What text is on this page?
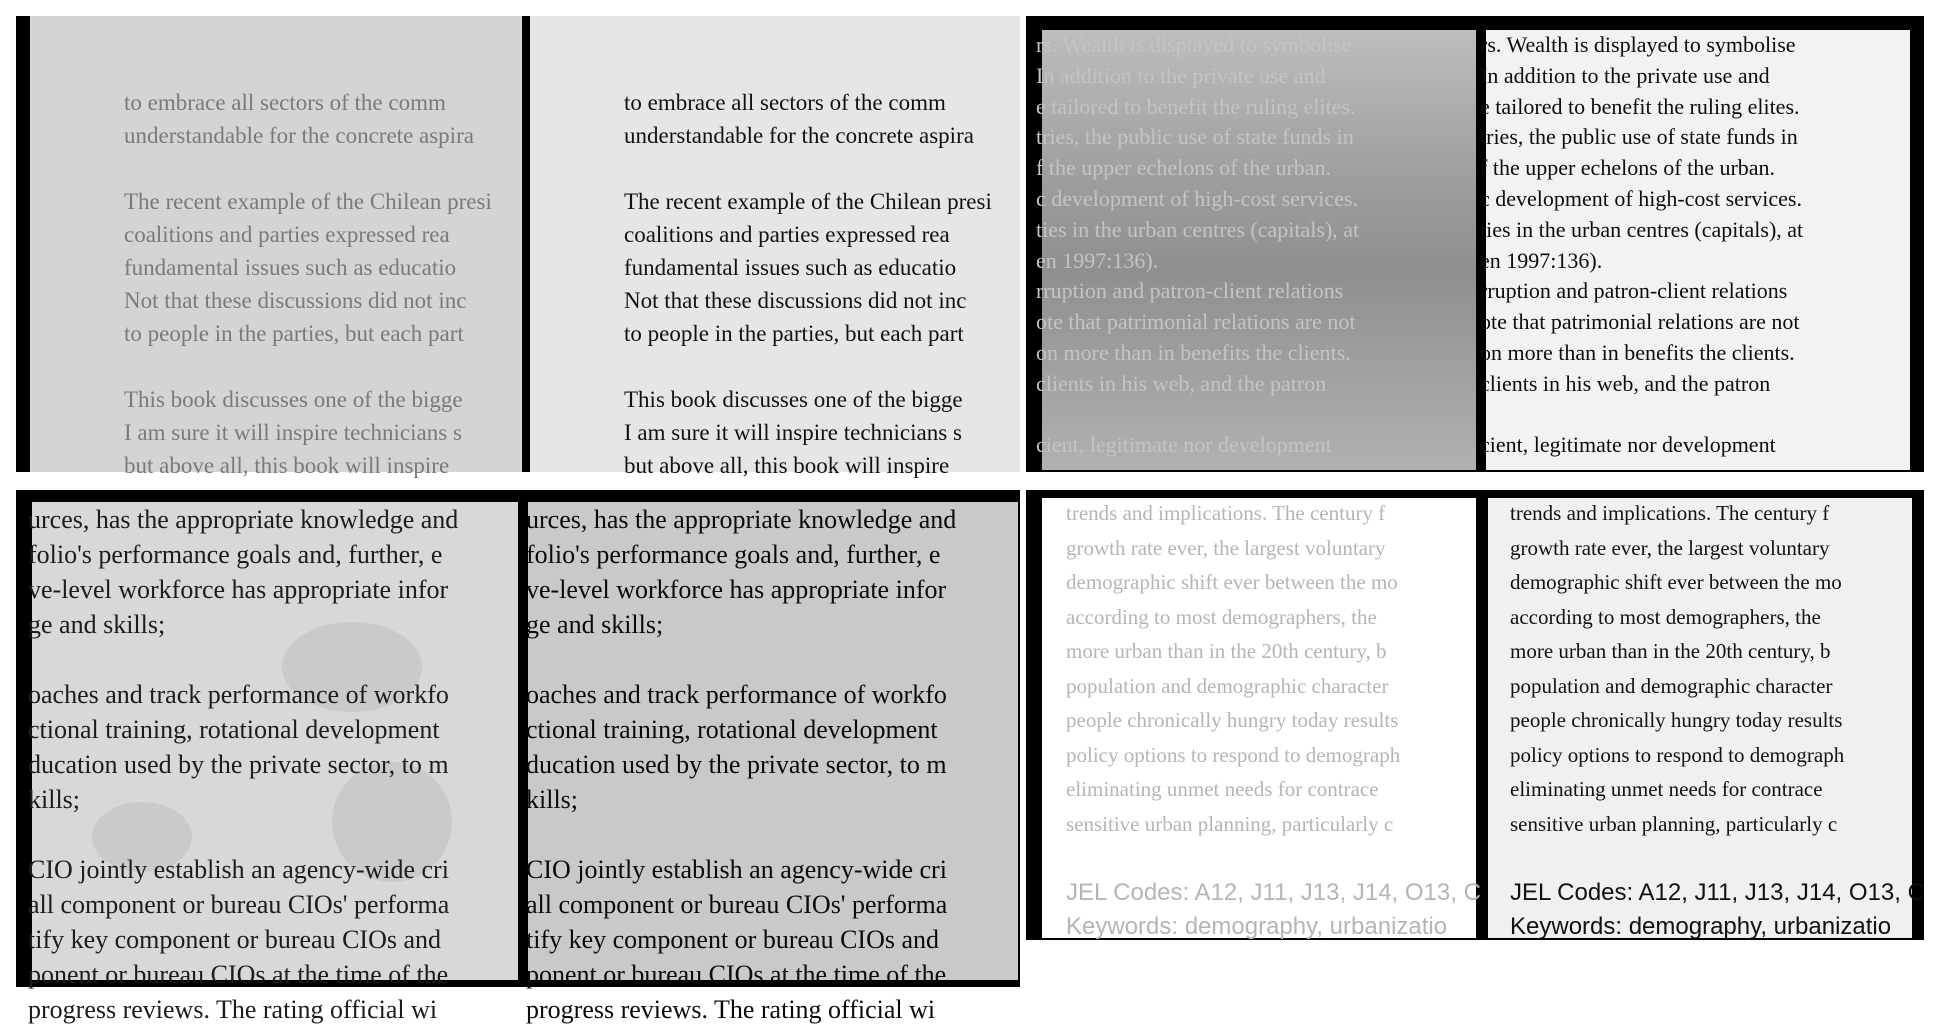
to embrace all sectors of the comm

understandable for the concrete aspira

The recent example of the Chilean presi

coalitions and parties expressed rea

fundamental issues such as educatio

Not that these discussions did not inc

to people in the parties, but each part

This book discusses one of the bigge

I am sure it will inspire technicians s

but above all, this book will inspire

to embrace all sectors of the comm

understandable for the concrete aspira

The recent example of the Chilean presi

coalitions and parties expressed rea

fundamental issues such as educatio

Not that these discussions did not inc

to people in the parties, but each part

This book discusses one of the bigge

I am sure it will inspire technicians s

but above all, this book will inspire

rs. Wealth is displayed to symbolise

In addition to the private use and

e tailored to benefit the ruling elites.

tries, the public use of state funds in

f the upper echelons of the urban.

c development of high-cost services.

ties in the urban centres (capitals), at

en 1997:136).

rruption and patron-client relations

ote that patrimonial relations are not

on more than in benefits the clients.

clients in his web, and the patron

cient, legitimate nor development

rs. Wealth is displayed to symbolise

In addition to the private use and

e tailored to benefit the ruling elites.

tries, the public use of state funds in

f the upper echelons of the urban.

c development of high-cost services.

ties in the urban centres (capitals), at

en 1997:136).

rruption and patron-client relations

ote that patrimonial relations are not

on more than in benefits the clients.

clients in his web, and the patron

cient, legitimate nor development

urces, has the appropriate knowledge and

folio's performance goals and, further, e

ve-level workforce has appropriate infor

ge and skills;

oaches and track performance of workfo

ctional training, rotational development

ducation used by the private sector, to m

kills;

CIO jointly establish an agency-wide cri

all component or bureau CIOs' performa

tify key component or bureau CIOs and

ponent or bureau CIOs at the time of the

progress reviews. The rating official wi

urces, has the appropriate knowledge and

folio's performance goals and, further, e

ve-level workforce has appropriate infor

ge and skills;

oaches and track performance of workfo

ctional training, rotational development

ducation used by the private sector, to m

kills;

CIO jointly establish an agency-wide cri

all component or bureau CIOs' performa

tify key component or bureau CIOs and

ponent or bureau CIOs at the time of the

progress reviews. The rating official wi

trends and implications. The century f

growth rate ever, the largest voluntary

demographic shift ever between the mo

according to most demographers, the

more urban than in the 20th century, b

population and demographic character

people chronically hungry today results

policy options to respond to demograph

eliminating unmet needs for contrace

sensitive urban planning, particularly c

JEL Codes: A12, J11, J13, J14, O13, C

Keywords: demography, urbanizatio

trends and implications. The century f

growth rate ever, the largest voluntary

demographic shift ever between the mo

according to most demographers, the

more urban than in the 20th century, b

population and demographic character

people chronically hungry today results

policy options to respond to demograph

eliminating unmet needs for contrace

sensitive urban planning, particularly c

JEL Codes: A12, J11, J13, J14, O13, C

Keywords: demography, urbanizatio
